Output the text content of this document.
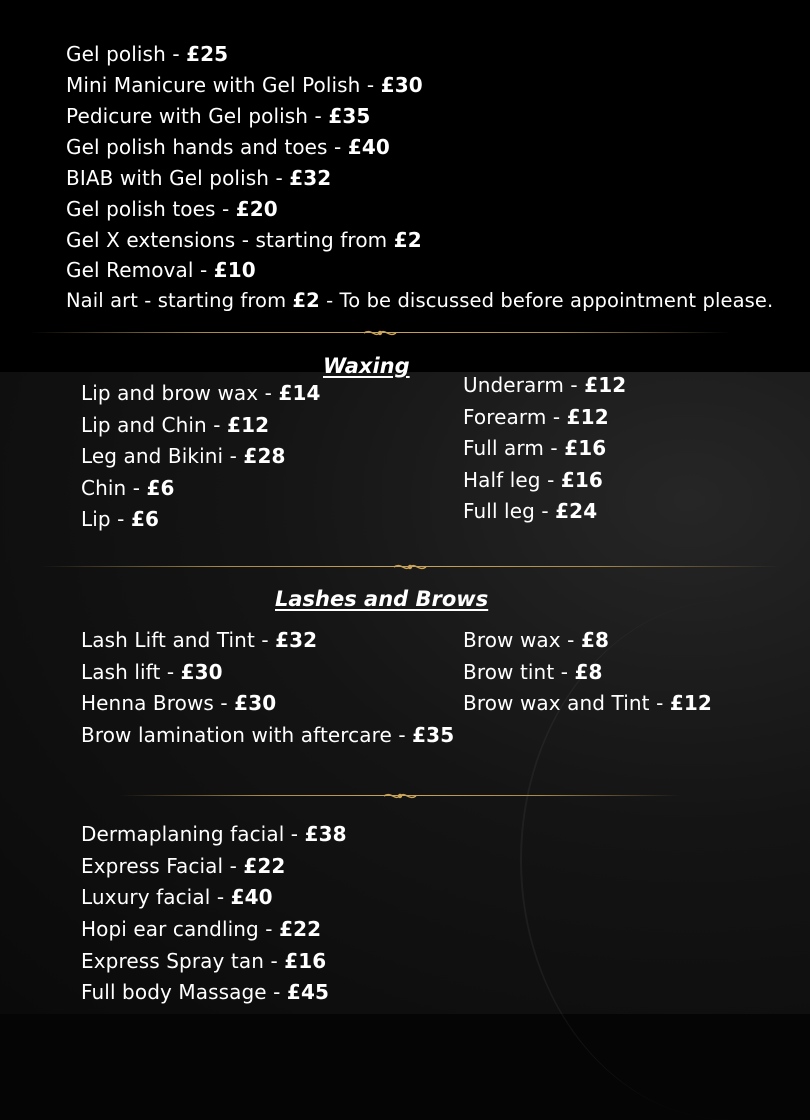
Gel polish - £25
Mini Manicure with Gel Polish - £30
Pedicure with Gel polish - £35
Gel polish hands and toes - £40
BIAB with Gel polish - £32
Gel polish toes - £20
Gel X extensions - starting from £2
Gel Removal - £10
Nail art - starting from £2 - To be discussed before appointment please.
Waxing
Lip and brow wax - £14
Lip and Chin - £12
Leg and Bikini - £28
Chin - £6
Lip - £6
Underarm - £12
Forearm - £12
Full arm - £16
Half leg - £16
Full leg - £24
Lashes and Brows
Lash Lift and Tint - £32
Lash lift - £30
Henna Brows - £30
Brow lamination with aftercare - £35
Brow wax - £8
Brow tint - £8
Brow wax and Tint - £12
Dermaplaning facial - £38
Express Facial - £22
Luxury facial - £40
Hopi ear candling - £22
Express Spray tan - £16
Full body Massage - £45
